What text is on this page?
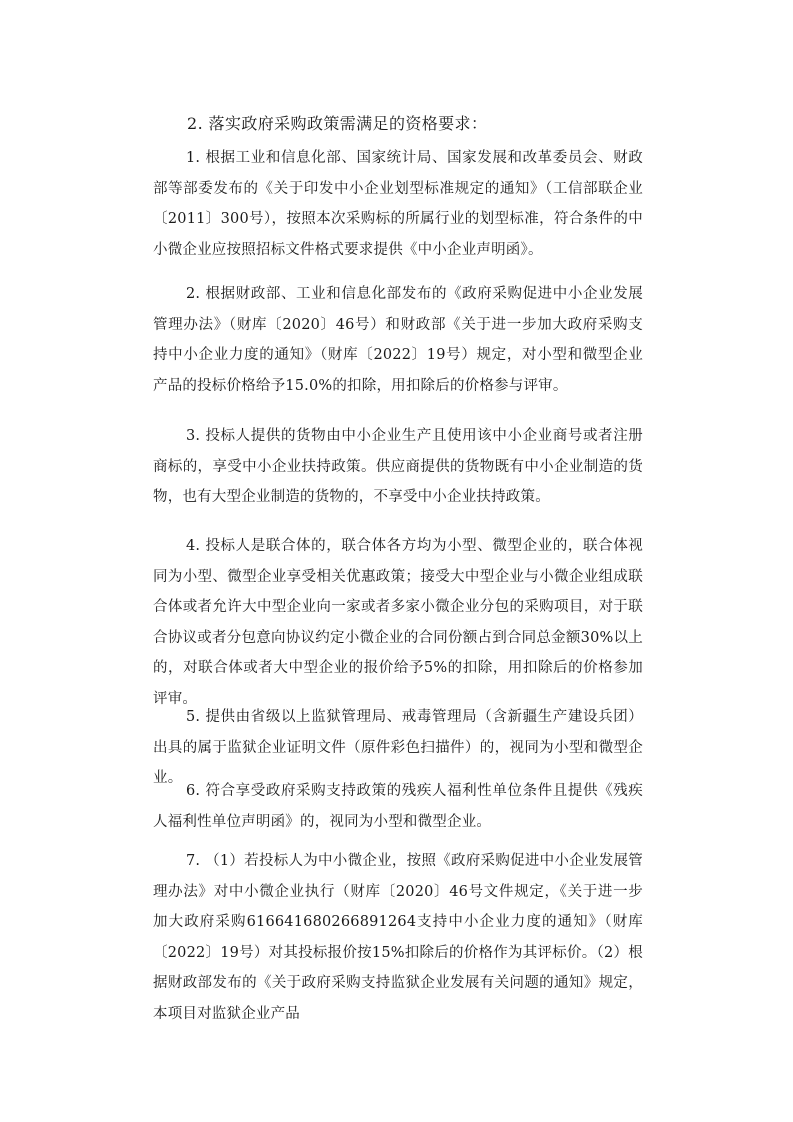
2. 落实政府采购政策需满足的资格要求：
1. 根据工业和信息化部、国家统计局、国家发展和改革委员会、财政部等部委发布的《关于印发中小企业划型标准规定的通知》（工信部联企业〔2011〕300号），按照本次采购标的所属行业的划型标准，符合条件的中小微企业应按照招标文件格式要求提供《中小企业声明函》。
2. 根据财政部、工业和信息化部发布的《政府采购促进中小企业发展管理办法》（财库〔2020〕46号）和财政部《关于进一步加大政府采购支持中小企业力度的通知》（财库〔2022〕19号）规定，对小型和微型企业产品的投标价格给予15.0%的扣除，用扣除后的价格参与评审。
3. 投标人提供的货物由中小企业生产且使用该中小企业商号或者注册商标的，享受中小企业扶持政策。供应商提供的货物既有中小企业制造的货物，也有大型企业制造的货物的，不享受中小企业扶持政策。
4. 投标人是联合体的，联合体各方均为小型、微型企业的，联合体视同为小型、微型企业享受相关优惠政策；接受大中型企业与小微企业组成联合体或者允许大中型企业向一家或者多家小微企业分包的采购项目，对于联合协议或者分包意向协议约定小微企业的合同份额占到合同总金额30%以上的，对联合体或者大中型企业的报价给予5%的扣除，用扣除后的价格参加评审。
5. 提供由省级以上监狱管理局、戒毒管理局（含新疆生产建设兵团）出具的属于监狱企业证明文件（原件彩色扫描件）的，视同为小型和微型企业。
6. 符合享受政府采购支持政策的残疾人福利性单位条件且提供《残疾人福利性单位声明函》的，视同为小型和微型企业。
7. （1）若投标人为中小微企业，按照《政府采购促进中小企业发展管理办法》对中小微企业执行（财库〔2020〕46号文件规定，《关于进一步加大政府采购616641680266891264支持中小企业力度的通知》（财库〔2022〕19号）对其投标报价按15%扣除后的价格作为其评标价。（2）根据财政部发布的《关于政府采购支持监狱企业发展有关问题的通知》规定，本项目对监狱企业产品
